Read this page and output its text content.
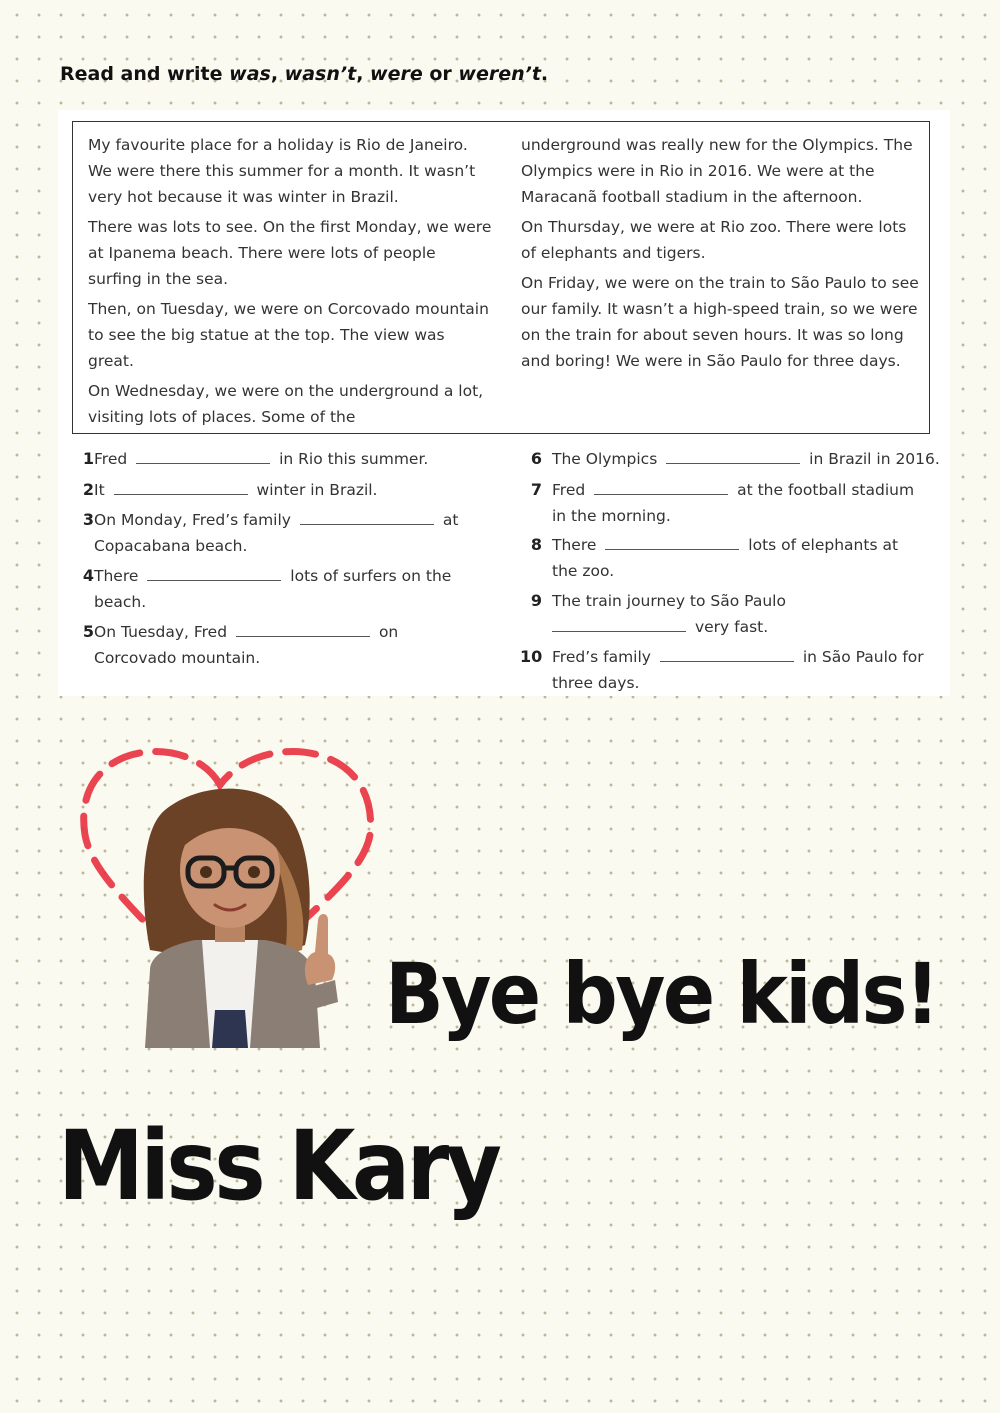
Read and write was, wasn’t, were or weren’t.

My favourite place for a holiday is Rio de Janeiro. We were there this summer for a month. It wasn’t very hot because it was winter in Brazil.

There was lots to see. On the first Monday, we were at Ipanema beach. There were lots of people surfing in the sea.

Then, on Tuesday, we were on Corcovado mountain to see the big statue at the top. The view was great.

On Wednesday, we were on the underground a lot, visiting lots of places. Some of the

underground was really new for the Olympics. The Olympics were in Rio in 2016. We were at the Maracanã football stadium in the afternoon.

On Thursday, we were at Rio zoo. There were lots of elephants and tigers.

On Friday, we were on the train to São Paulo to see our family. It wasn’t a high-speed train, so we were on the train for about seven hours. It was so long and boring! We were in São Paulo for three days.

1 Fred	in Rio this summer.
2 It	winter in Brazil.
3 On Monday, Fred’s family	at
Copacabana beach.
4 There	lots of surfers on the
beach.
5 On Tuesday, Fred	on
Corcovado mountain.
6 The Olympics	in Brazil in 2016.
7 Fred	at the football stadium
in the morning.
8 There	lots of elephants at
the zoo.
9 The train journey to São Paulo
very fast.
10 Fred’s family	in São Paulo for
three days.
Bye bye kids!
Miss Kary
